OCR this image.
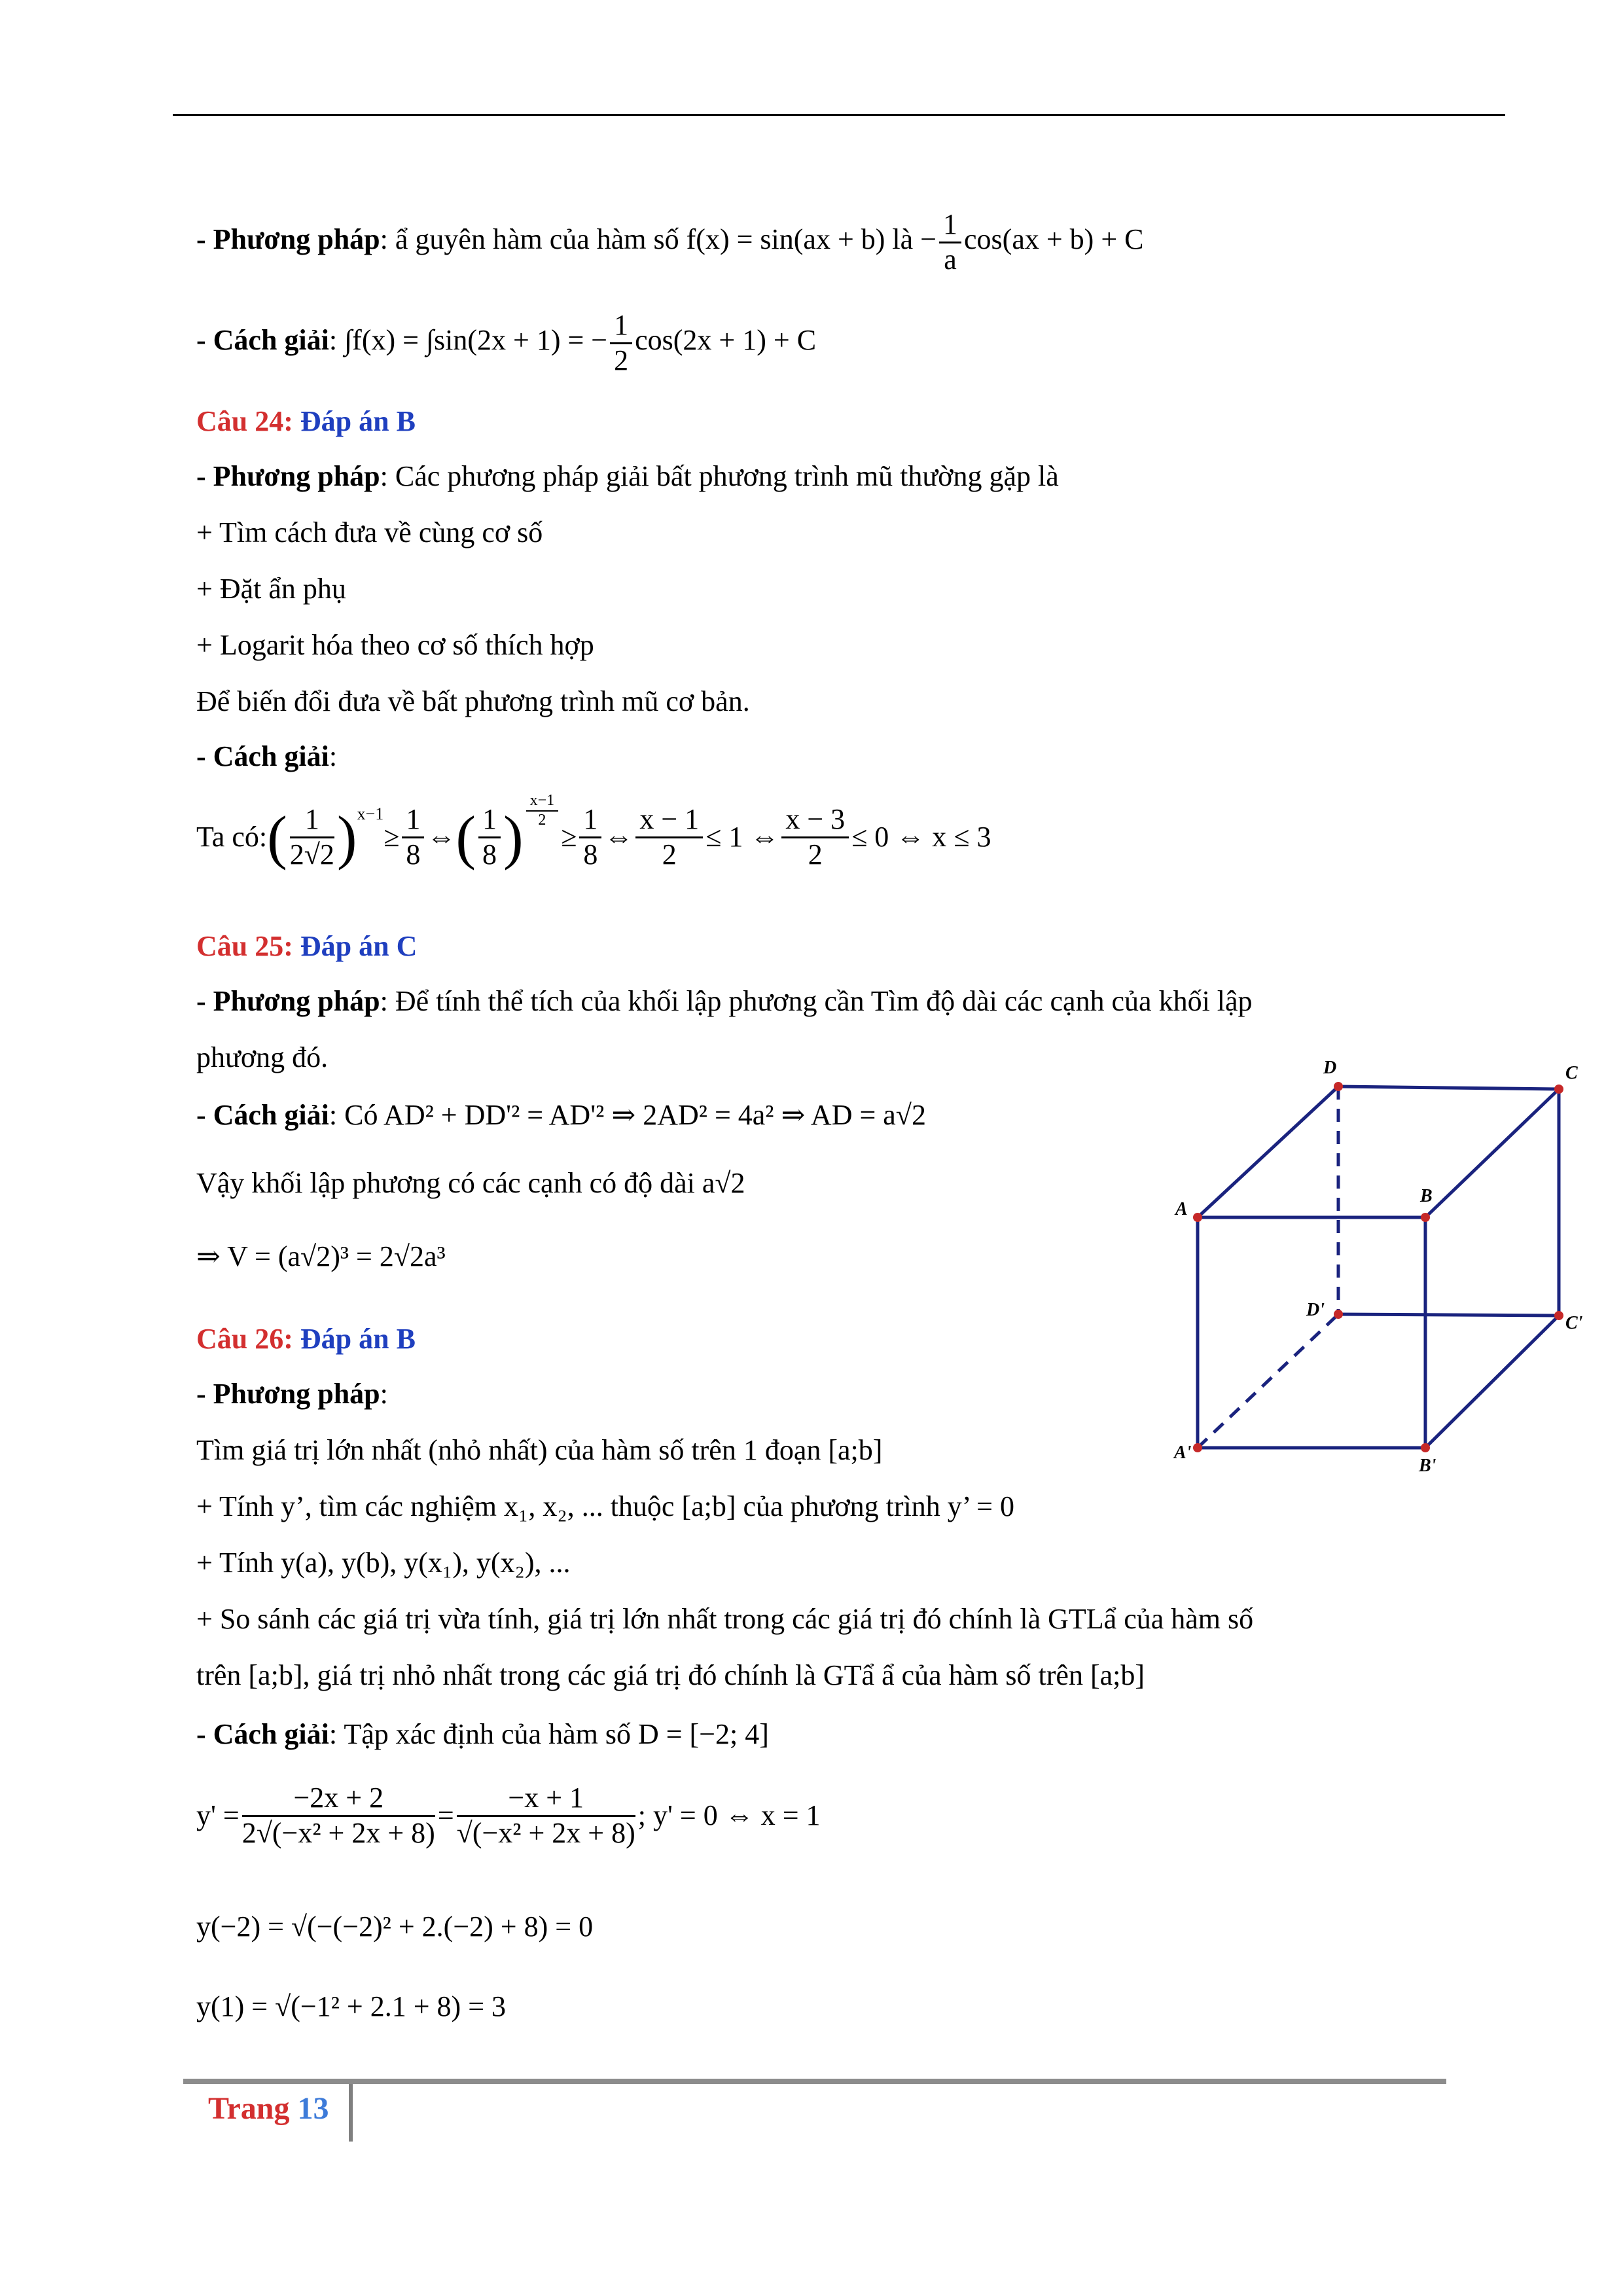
- Phương pháp: ẩ guyên hàm của hàm số f(x) = sin(ax + b) là − $\frac{1}{a} \cos(ax + b) + C$
- Cách giải: ∫f(x) = ∫sin(2x + 1) = − $\frac{1}{2} \cos(2x + 1) + C$
Câu 24: Đáp án B
- Phương pháp: Các phương pháp giải bất phương trình mũ thường gặp là
+ Tìm cách đưa về cùng cơ số
+ Đặt ẩn phụ
+ Logarit hóa theo cơ số thích hợp
Để biến đổi đưa về bất phương trình mũ cơ bản.
- Cách giải:
Ta có: ( $\frac{1}{2√2}$ ) x−1
≥ $\frac{1}{8}$ ⇔ ( $\frac{1}{8}$ ) $\frac{x-1}{2}$
≥ $\frac{1}{8}$ ⇔ $\frac{x - 1}{2} \le 1$ ⇔ $\frac{x - 3}{2} \le 0$ ⇔ x ≤ 3
Câu 25: Đáp án C
- Phương pháp: Để tính thể tích của khối lập phương cần Tìm độ dài các cạnh của khối lập
phương đó.
- Cách giải: Có AD² + DD'² = AD'² ⇒ 2AD² = 4a² ⇒ AD = a√2
Vậy khối lập phương có các cạnh có độ dài a√2
⇒ V = (a√2)³ = 2√2a³
D	C
A
B
D'
C'
A'
B'
Câu 26: Đáp án B
- Phương pháp:
Tìm giá trị lớn nhất (nhỏ nhất) của hàm số trên 1 đoạn [a;b]
+ Tính y’, tìm các nghiệm x₁, x₂, ... thuộc [a;b] của phương trình y’ = 0
+ Tính y(a), y(b), y(x₁), y(x₂), ...
+ So sánh các giá trị vừa tính, giá trị lớn nhất trong các giá trị đó chính là GTLẩ của hàm số
trên [a;b], giá trị nhỏ nhất trong các giá trị đó chính là GTẩ ẩ của hàm số trên [a;b]
- Cách giải: Tập xác định của hàm số D = [−2; 4]
$y' = \frac{-2x + 2}{\text{2√(−x² + 2x + 8)}} = \frac{-x + 1}{\text{√(−x² + 2x + 8)}}$ ; y' = 0 ⇔ x = 1
y(−2) = √(−(−2)² + 2.(−2) + 8) = 0
y(1) = √(−1² + 2.1 + 8) = 3
Trang 13
